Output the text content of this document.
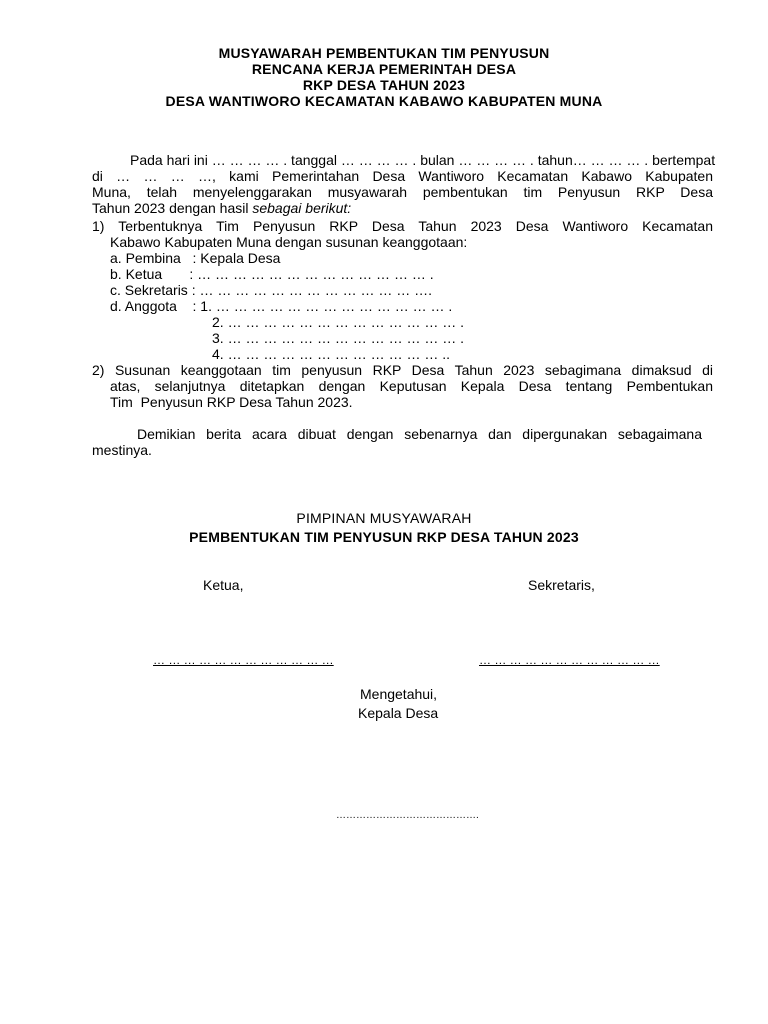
MUSYAWARAH PEMBENTUKAN TIM PENYUSUN
RENCANA KERJA PEMERINTAH DESA
RKP DESA TAHUN 2023
DESA WANTIWORO KECAMATAN KABAWO KABUPATEN MUNA
Pada hari ini … … … … . tanggal … … … … . bulan … … … … . tahun… … … … . bertempat
di … … … …, kami Pemerintahan Desa Wantiworo Kecamatan Kabawo Kabupaten
Muna, telah menyelenggarakan musyawarah pembentukan tim Penyusun RKP Desa
Tahun 2023 dengan hasil sebagai berikut:
1) Terbentuknya Tim Penyusun RKP Desa Tahun 2023 Desa Wantiworo Kecamatan
Kabawo Kabupaten Muna dengan susunan keanggotaan:
a. Pembina   : Kepala Desa
b. Ketua       : … … … … … … … … … … … … … .
c. Sekretaris : … … … … … … … … … … … … ….
d. Anggota    : 1. … … … … … … … … … … … … … .
2. … … … … … … … … … … … … … .
3. … … … … … … … … … … … … … .
4. … … … … … … … … … … … … ..
2) Susunan keanggotaan tim penyusun RKP Desa Tahun 2023 sebagimana dimaksud di
atas, selanjutnya ditetapkan dengan Keputusan Kepala Desa tentang Pembentukan
Tim  Penyusun RKP Desa Tahun 2023.
Demikian berita acara dibuat dengan sebenarnya dan dipergunakan sebagaimana
mestinya.
PIMPINAN MUSYAWARAH
PEMBENTUKAN TIM PENYUSUN RKP DESA TAHUN 2023
Ketua,	Sekretaris,
… … … … … … … … … … … …	… … … … … … … … … … … …
Mengetahui,
Kepala Desa
…………………………………….
